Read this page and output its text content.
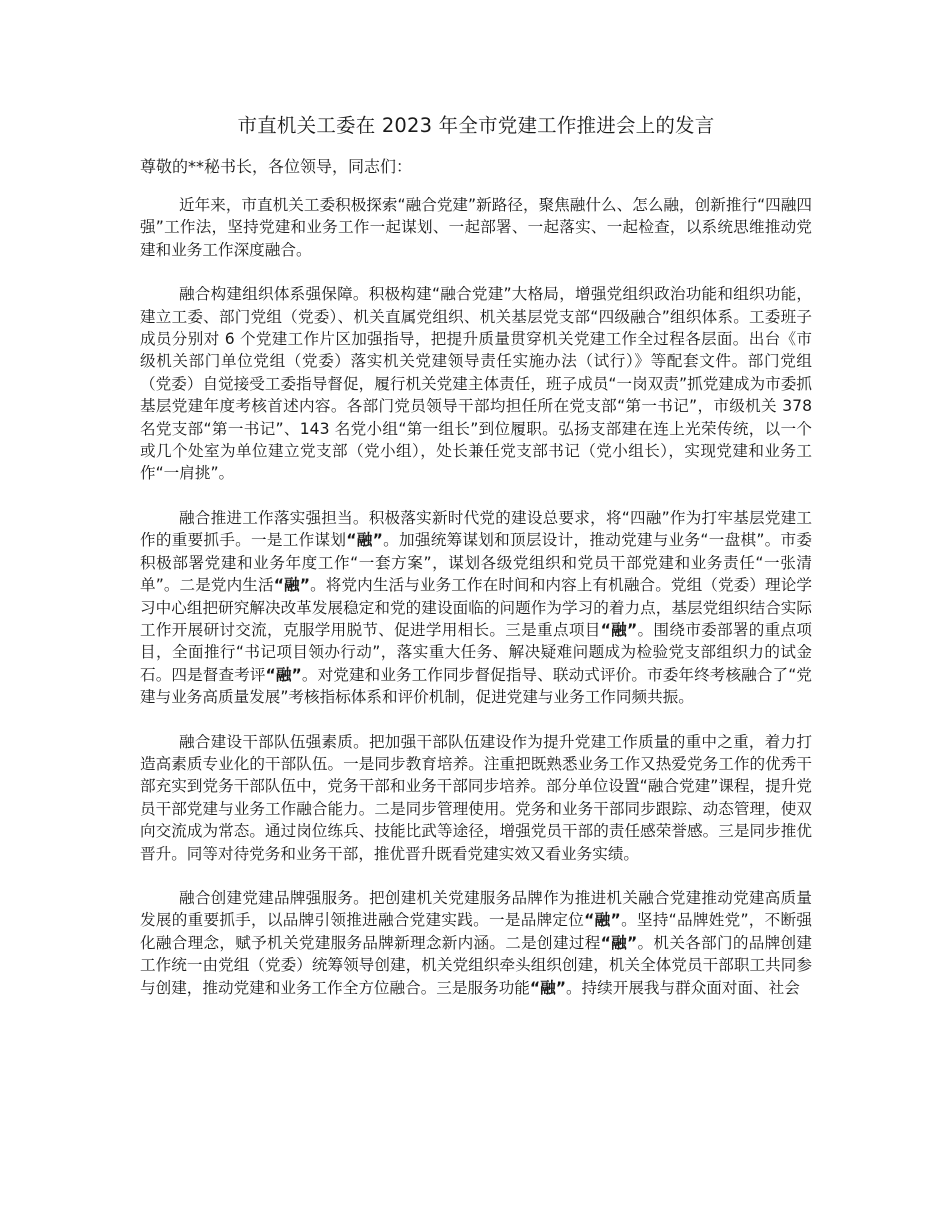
市直机关工委在 2023 年全市党建工作推进会上的发言

尊敬的**秘书长，各位领导，同志们：

近年来，市直机关工委积极探索“融合党建”新路径，聚焦融什么、怎么融，创新推行“四融四强”工作法，坚持党建和业务工作一起谋划、一起部署、一起落实、一起检查，以系统思维推动党建和业务工作深度融合。

融合构建组织体系强保障。积极构建“融合党建”大格局，增强党组织政治功能和组织功能，建立工委、部门党组（党委）、机关直属党组织、机关基层党支部“四级融合”组织体系。工委班子成员分别对 6 个党建工作片区加强指导，把提升质量贯穿机关党建工作全过程各层面。出台《市级机关部门单位党组（党委）落实机关党建领导责任实施办法（试行）》等配套文件。部门党组（党委）自觉接受工委指导督促，履行机关党建主体责任，班子成员“一岗双责”抓党建成为市委抓基层党建年度考核首述内容。各部门党员领导干部均担任所在党支部“第一书记”，市级机关 378 名党支部“第一书记”、143 名党小组“第一组长”到位履职。弘扬支部建在连上光荣传统，以一个或几个处室为单位建立党支部（党小组），处长兼任党支部书记（党小组长），实现党建和业务工作“一肩挑”。

融合推进工作落实强担当。积极落实新时代党的建设总要求，将“四融”作为打牢基层党建工作的重要抓手。一是工作谋划“融”。加强统筹谋划和顶层设计，推动党建与业务“一盘棋”。市委积极部署党建和业务年度工作“一套方案”，谋划各级党组织和党员干部党建和业务责任“一张清单”。二是党内生活“融”。将党内生活与业务工作在时间和内容上有机融合。党组（党委）理论学习中心组把研究解决改革发展稳定和党的建设面临的问题作为学习的着力点，基层党组织结合实际工作开展研讨交流，克服学用脱节、促进学用相长。三是重点项目“融”。围绕市委部署的重点项目，全面推行“书记项目领办行动”，落实重大任务、解决疑难问题成为检验党支部组织力的试金石。四是督查考评“融”。对党建和业务工作同步督促指导、联动式评价。市委年终考核融合了“党建与业务高质量发展”考核指标体系和评价机制，促进党建与业务工作同频共振。

融合建设干部队伍强素质。把加强干部队伍建设作为提升党建工作质量的重中之重，着力打造高素质专业化的干部队伍。一是同步教育培养。注重把既熟悉业务工作又热爱党务工作的优秀干部充实到党务干部队伍中，党务干部和业务干部同步培养。部分单位设置“融合党建”课程，提升党员干部党建与业务工作融合能力。二是同步管理使用。党务和业务干部同步跟踪、动态管理，使双向交流成为常态。通过岗位练兵、技能比武等途径，增强党员干部的责任感荣誉感。三是同步推优晋升。同等对待党务和业务干部，推优晋升既看党建实效又看业务实绩。

融合创建党建品牌强服务。把创建机关党建服务品牌作为推进机关融合党建推动党建高质量发展的重要抓手，以品牌引领推进融合党建实践。一是品牌定位“融”。坚持“品牌姓党”，不断强化融合理念，赋予机关党建服务品牌新理念新内涵。二是创建过程“融”。机关各部门的品牌创建工作统一由党组（党委）统筹领导创建，机关党组织牵头组织创建，机关全体党员干部职工共同参与创建，推动党建和业务工作全方位融合。三是服务功能“融”。持续开展我与群众面对面、社会
